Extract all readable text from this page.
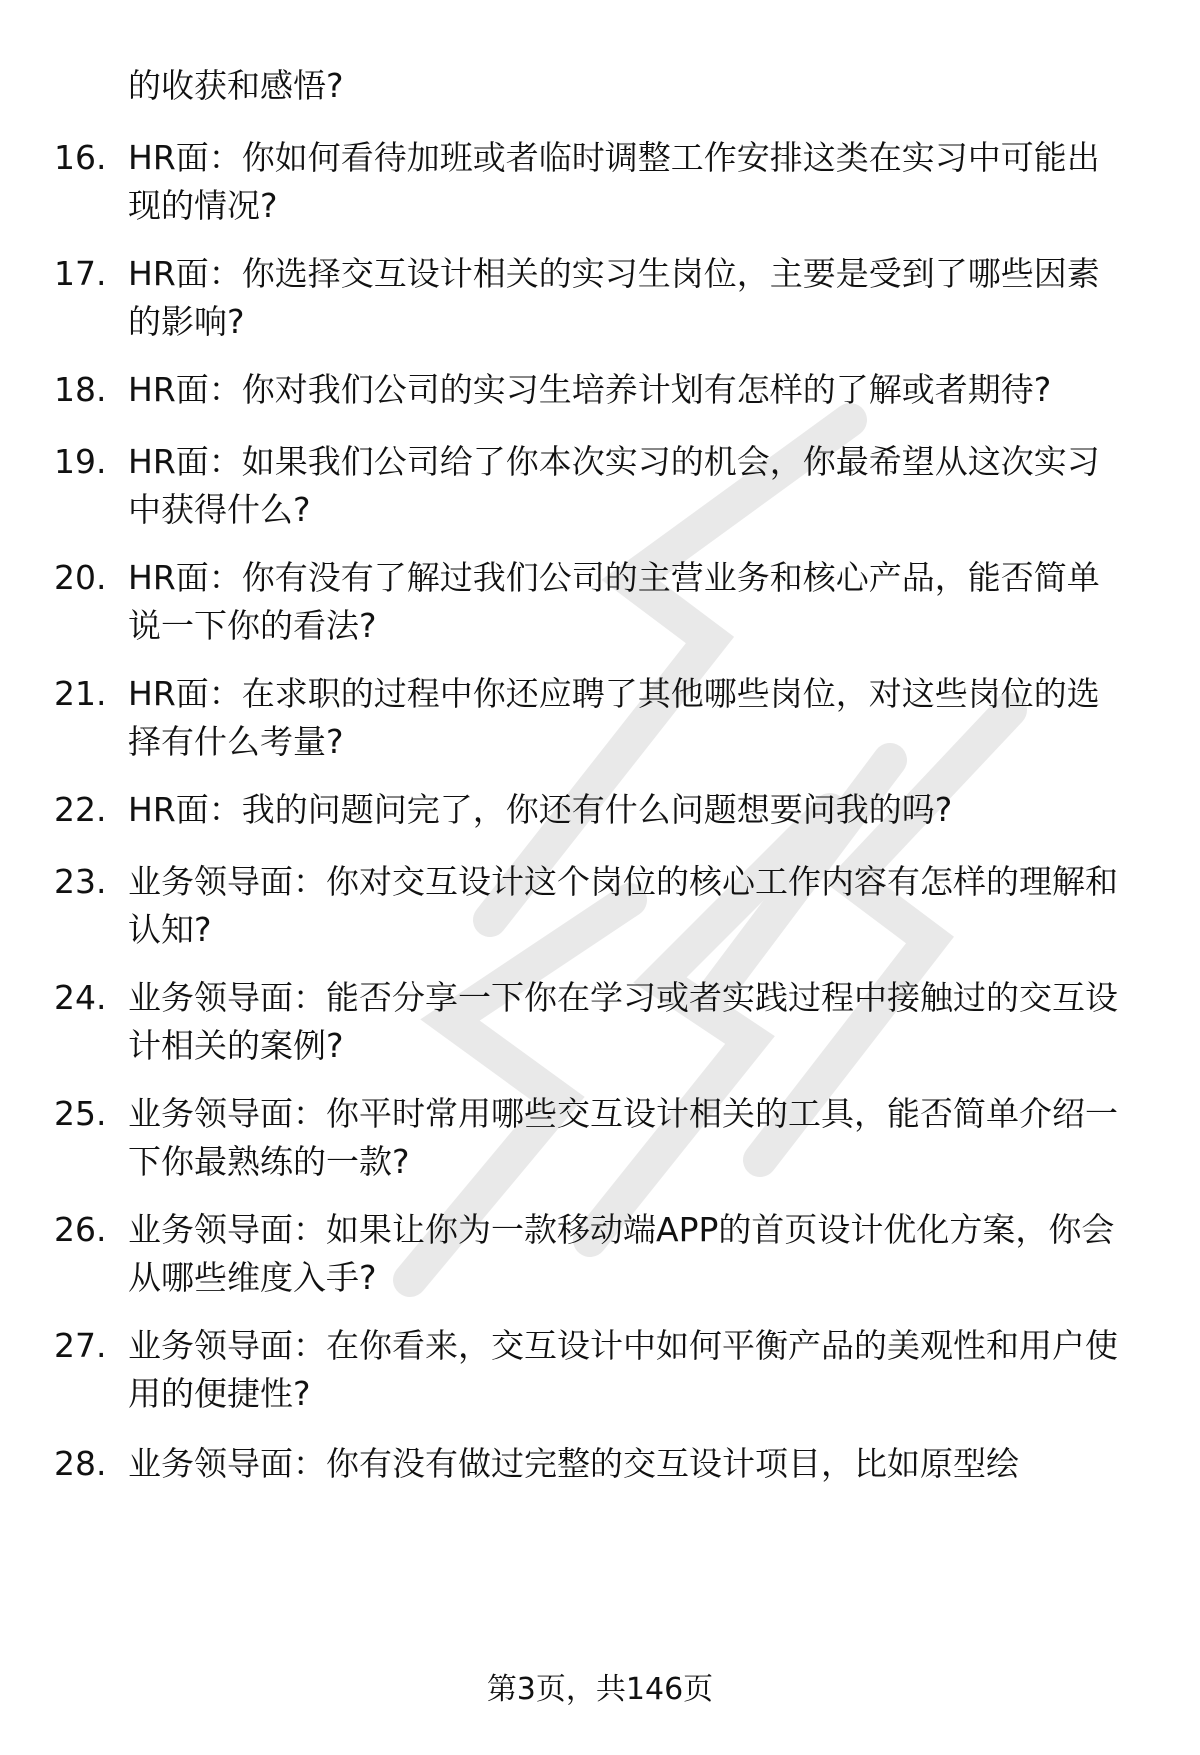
的收获和感悟?
16. HR面：你如何看待加班或者临时调整工作安排这类在实习中可能出现的情况?
17. HR面：你选择交互设计相关的实习生岗位，主要是受到了哪些因素的影响?
18. HR面：你对我们公司的实习生培养计划有怎样的了解或者期待?
19. HR面：如果我们公司给了你本次实习的机会，你最希望从这次实习中获得什么?
20. HR面：你有没有了解过我们公司的主营业务和核心产品，能否简单说一下你的看法?
21. HR面：在求职的过程中你还应聘了其他哪些岗位，对这些岗位的选择有什么考量?
22. HR面：我的问题问完了，你还有什么问题想要问我的吗?
23. 业务领导面：你对交互设计这个岗位的核心工作内容有怎样的理解和认知?
24. 业务领导面：能否分享一下你在学习或者实践过程中接触过的交互设计相关的案例?
25. 业务领导面：你平时常用哪些交互设计相关的工具，能否简单介绍一下你最熟练的一款?
26. 业务领导面：如果让你为一款移动端APP的首页设计优化方案，你会从哪些维度入手?
27. 业务领导面：在你看来，交互设计中如何平衡产品的美观性和用户使用的便捷性?
28. 业务领导面：你有没有做过完整的交互设计项目，比如原型绘
第3页，共146页
